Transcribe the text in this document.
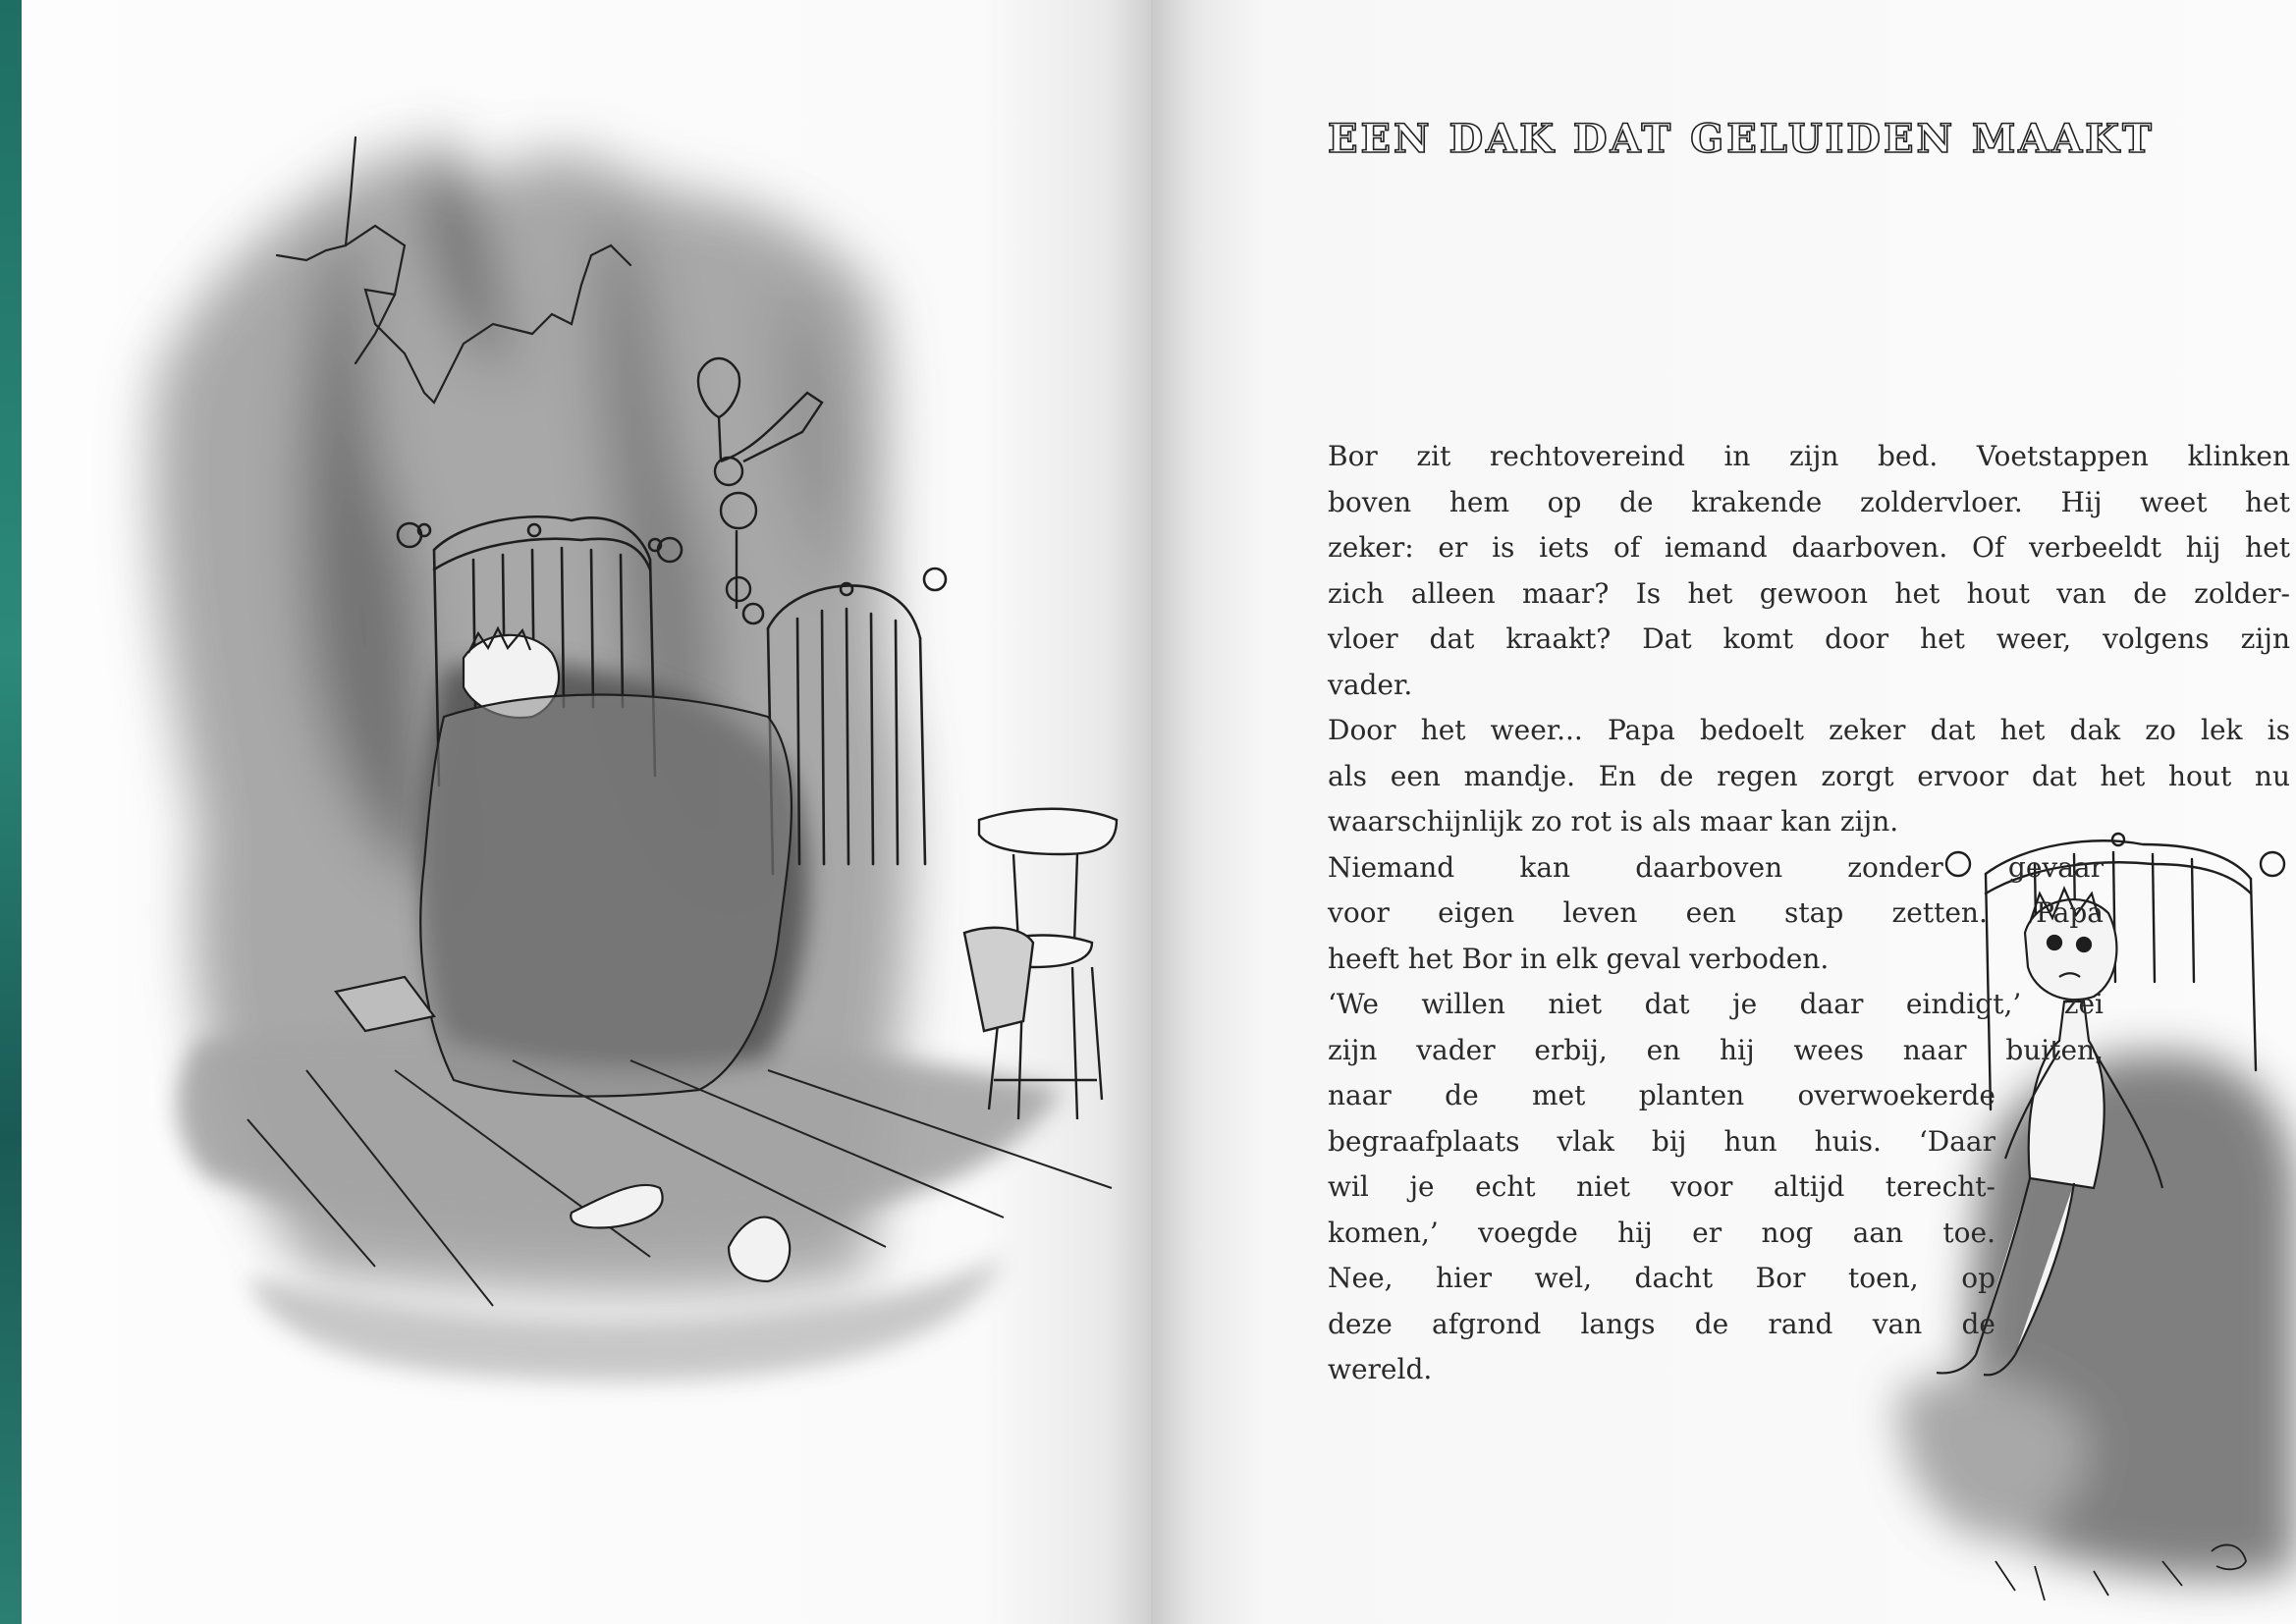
EEN DAK DAT GELUIDEN MAAKT
Bor zit rechtovereind in zijn bed. Voetstappen klinken
boven hem op de krakende zoldervloer. Hij weet het
zeker: er is iets of iemand daarboven. Of verbeeldt hij het
zich alleen maar? Is het gewoon het hout van de zolder-
vloer dat kraakt? Dat komt door het weer, volgens zijn
vader.
Door het weer... Papa bedoelt zeker dat het dak zo lek is
als een mandje. En de regen zorgt ervoor dat het hout nu
waarschijnlijk zo rot is als maar kan zijn.
Niemand kan daarboven zonder gevaar
voor eigen leven een stap zetten. Papa
heeft het Bor in elk geval verboden.
‘We willen niet dat je daar eindigt,’ zei
zijn vader erbij, en hij wees naar buiten,
naar de met planten overwoekerde
begraafplaats vlak bij hun huis. ‘Daar
wil je echt niet voor altijd terecht-
komen,’ voegde hij er nog aan toe.
Nee, hier wel, dacht Bor toen, op
deze afgrond langs de rand van de
wereld.
